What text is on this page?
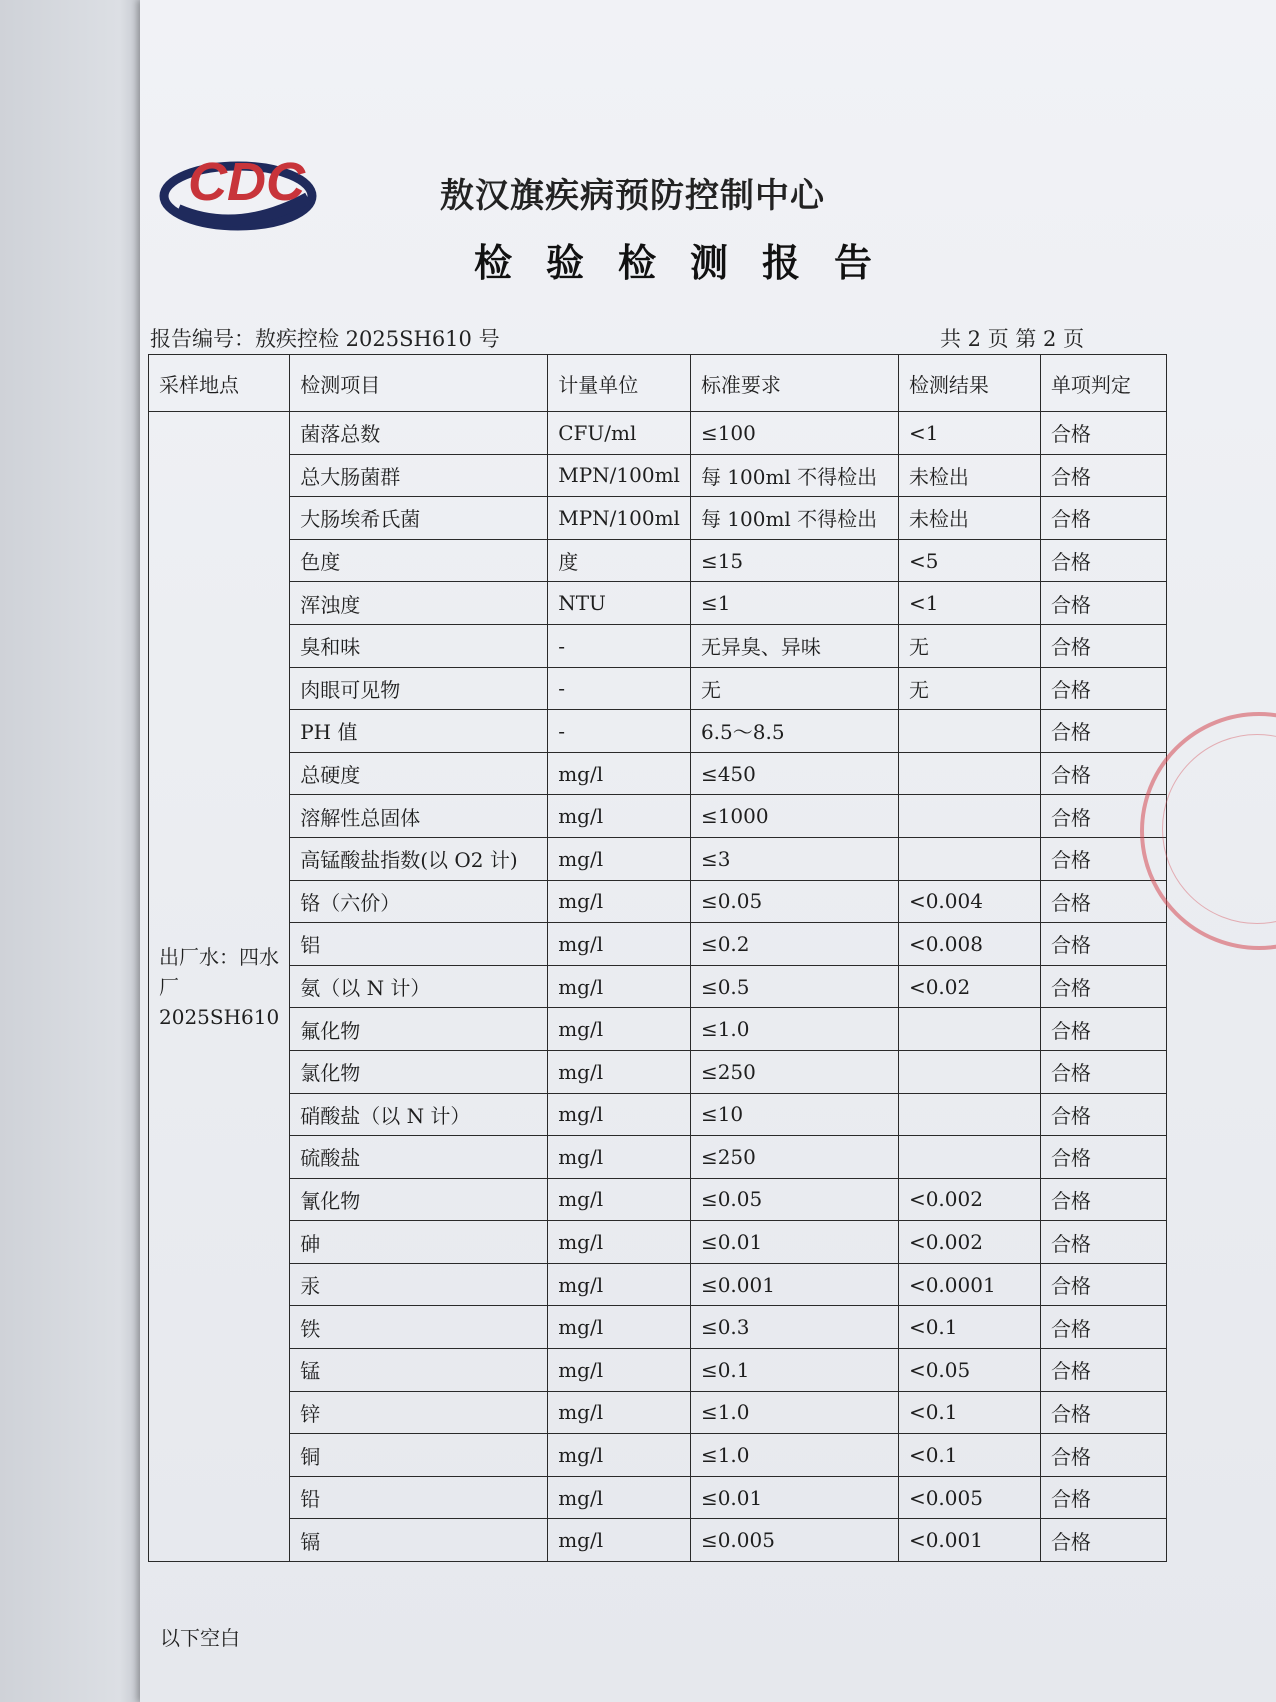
CDC	敖汉旗疾病预防控制中心
检验检测报告
报告编号：敖疾控检 2025SH610 号	共 2 页 第 2 页
采样地点	检测项目	计量单位	标准要求	检测结果	单项判定

出厂水：四水厂
2025SH610	菌落总数	CFU/ml	≤100	<1	合格
	总大肠菌群	MPN/100ml	每 100ml 不得检出	未检出	合格
	大肠埃希氏菌	MPN/100ml	每 100ml 不得检出	未检出	合格
	色度	度	≤15	<5	合格
	浑浊度	NTU	≤1	<1	合格
	臭和味	-	无异臭、异味	无	合格
	肉眼可见物	-	无	无	合格
	PH 值	-	6.5～8.5		合格
	总硬度	mg/l	≤450		合格
	溶解性总固体	mg/l	≤1000		合格
	高锰酸盐指数(以 O2 计)	mg/l	≤3		合格
	铬（六价）	mg/l	≤0.05	<0.004	合格
	铝	mg/l	≤0.2	<0.008	合格
	氨（以 N 计）	mg/l	≤0.5	<0.02	合格
	氟化物	mg/l	≤1.0		合格
	氯化物	mg/l	≤250		合格
	硝酸盐（以 N 计）	mg/l	≤10		合格
	硫酸盐	mg/l	≤250		合格
	氰化物	mg/l	≤0.05	<0.002	合格
	砷	mg/l	≤0.01	<0.002	合格
	汞	mg/l	≤0.001	<0.0001	合格
	铁	mg/l	≤0.3	<0.1	合格
	锰	mg/l	≤0.1	<0.05	合格
	锌	mg/l	≤1.0	<0.1	合格
	铜	mg/l	≤1.0	<0.1	合格
	铅	mg/l	≤0.01	<0.005	合格
	镉	mg/l	≤0.005	<0.001	合格
以下空白
